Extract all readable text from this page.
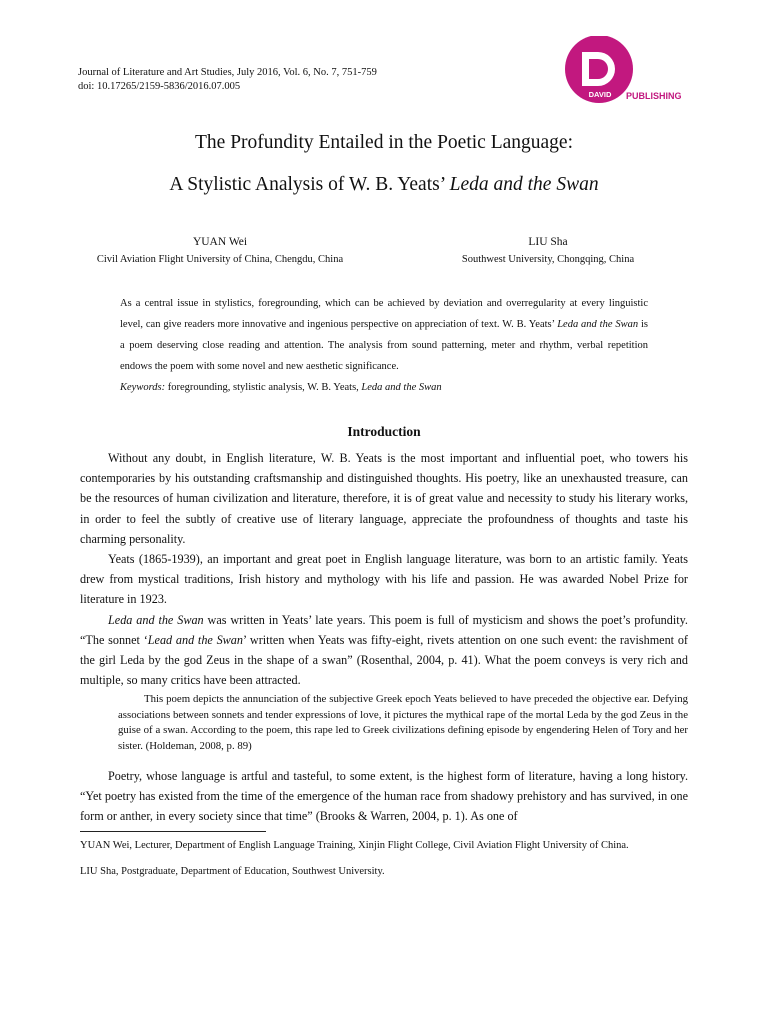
Journal of Literature and Art Studies, July 2016, Vol. 6, No. 7, 751-759
doi: 10.17265/2159-5836/2016.07.005
DAVID PUBLISHING
The Profundity Entailed in the Poetic Language:
A Stylistic Analysis of W. B. Yeats’ Leda and the Swan
YUAN Wei
Civil Aviation Flight University of China, Chengdu, China
LIU Sha
Southwest University, Chongqing, China
As a central issue in stylistics, foregrounding, which can be achieved by deviation and overregularity at every linguistic level, can give readers more innovative and ingenious perspective on appreciation of text. W. B. Yeats’ Leda and the Swan is a poem deserving close reading and attention. The analysis from sound patterning, meter and rhythm, verbal repetition endows the poem with some novel and new aesthetic significance.
Keywords: foregrounding, stylistic analysis, W. B. Yeats, Leda and the Swan
Introduction

Without any doubt, in English literature, W. B. Yeats is the most important and influential poet, who towers his contemporaries by his outstanding craftsmanship and distinguished thoughts. His poetry, like an unexhausted treasure, can be the resources of human civilization and literature, therefore, it is of great value and necessity to study his literary works, in order to feel the subtly of creative use of literary language, appreciate the profoundness of thoughts and taste his charming personality.

Yeats (1865-1939), an important and great poet in English language literature, was born to an artistic family. Yeats drew from mystical traditions, Irish history and mythology with his life and passion. He was awarded Nobel Prize for literature in 1923.

Leda and the Swan was written in Yeats’ late years. This poem is full of mysticism and shows the poet’s profundity. “The sonnet ‘Lead and the Swan’ written when Yeats was fifty-eight, rivets attention on one such event: the ravishment of the girl Leda by the god Zeus in the shape of a swan” (Rosenthal, 2004, p. 41). What the poem conveys is very rich and multiple, so many critics have been attracted.

This poem depicts the annunciation of the subjective Greek epoch Yeats believed to have preceded the objective ear. Defying associations between sonnets and tender expressions of love, it pictures the mythical rape of the mortal Leda by the god Zeus in the guise of a swan. According to the poem, this rape led to Greek civilizations defining episode by engendering Helen of Tory and her sister. (Holdeman, 2008, p. 89)

Poetry, whose language is artful and tasteful, to some extent, is the highest form of literature, having a long history. “Yet poetry has existed from the time of the emergence of the human race from shadowy prehistory and has survived, in one form or anther, in every society since that time” (Brooks & Warren, 2004, p. 1). As one of

YUAN Wei, Lecturer, Department of English Language Training, Xinjin Flight College, Civil Aviation Flight University of China.
LIU Sha, Postgraduate, Department of Education, Southwest University.
